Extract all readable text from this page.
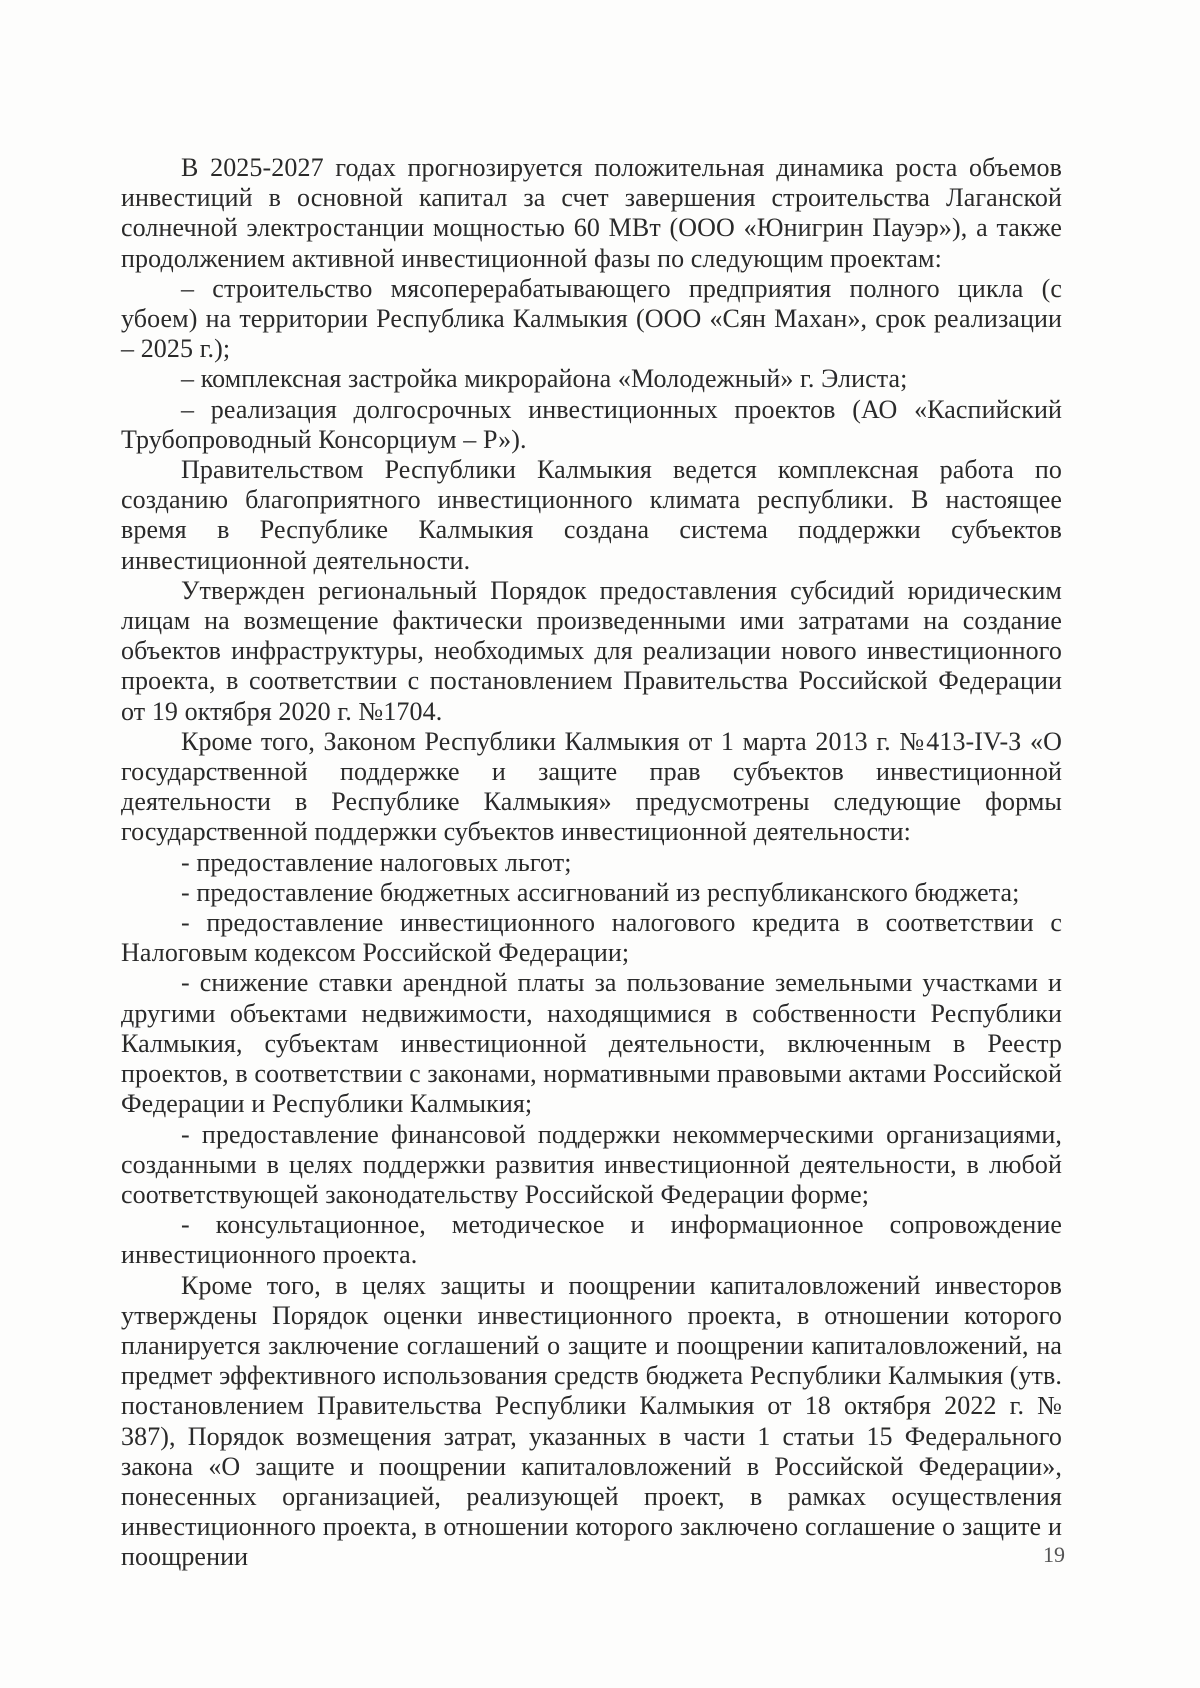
В 2025-2027 годах прогнозируется положительная динамика роста объемов инвестиций в основной капитал за счет завершения строительства Лаганской солнечной электростанции мощностью 60 МВт (ООО «Юнигрин Пауэр»), а также продолжением активной инвестиционной фазы по следующим проектам:

– строительство мясоперерабатывающего предприятия полного цикла (с убоем) на территории Республика Калмыкия (ООО «Сян Махан», срок реализации – 2025 г.);

– комплексная застройка микрорайона «Молодежный» г. Элиста;

– реализация долгосрочных инвестиционных проектов (АО «Каспийский Трубопроводный Консорциум – Р»).

Правительством Республики Калмыкия ведется комплексная работа по созданию благоприятного инвестиционного климата республики. В настоящее время в Республике Калмыкия создана система поддержки субъектов инвестиционной деятельности.

Утвержден региональный Порядок предоставления субсидий юридическим лицам на возмещение фактически произведенными ими затратами на создание объектов инфраструктуры, необходимых для реализации нового инвестиционного проекта, в соответствии с постановлением Правительства Российской Федерации от 19 октября 2020 г. №1704.

Кроме того, Законом Республики Калмыкия от 1 марта 2013 г. №413-IV-З «О государственной поддержке и защите прав субъектов инвестиционной деятельности в Республике Калмыкия» предусмотрены следующие формы государственной поддержки субъектов инвестиционной деятельности:

- предоставление налоговых льгот;

- предоставление бюджетных ассигнований из республиканского бюджета;

- предоставление инвестиционного налогового кредита в соответствии с Налоговым кодексом Российской Федерации;

- снижение ставки арендной платы за пользование земельными участками и другими объектами недвижимости, находящимися в собственности Республики Калмыкия, субъектам инвестиционной деятельности, включенным в Реестр проектов, в соответствии с законами, нормативными правовыми актами Российской Федерации и Республики Калмыкия;

- предоставление финансовой поддержки некоммерческими организациями, созданными в целях поддержки развития инвестиционной деятельности, в любой соответствующей законодательству Российской Федерации форме;

- консультационное, методическое и информационное сопровождение инвестиционного проекта.

Кроме того, в целях защиты и поощрении капиталовложений инвесторов утверждены Порядок оценки инвестиционного проекта, в отношении которого планируется заключение соглашений о защите и поощрении капиталовложений, на предмет эффективного использования средств бюджета Республики Калмыкия (утв. постановлением Правительства Республики Калмыкия от 18 октября 2022 г. № 387), Порядок возмещения затрат, указанных в части 1 статьи 15 Федерального закона «О защите и поощрении капиталовложений в Российской Федерации», понесенных организацией, реализующей проект, в рамках осуществления инвестиционного проекта, в отношении которого заключено соглашение о защите и поощрении	19
